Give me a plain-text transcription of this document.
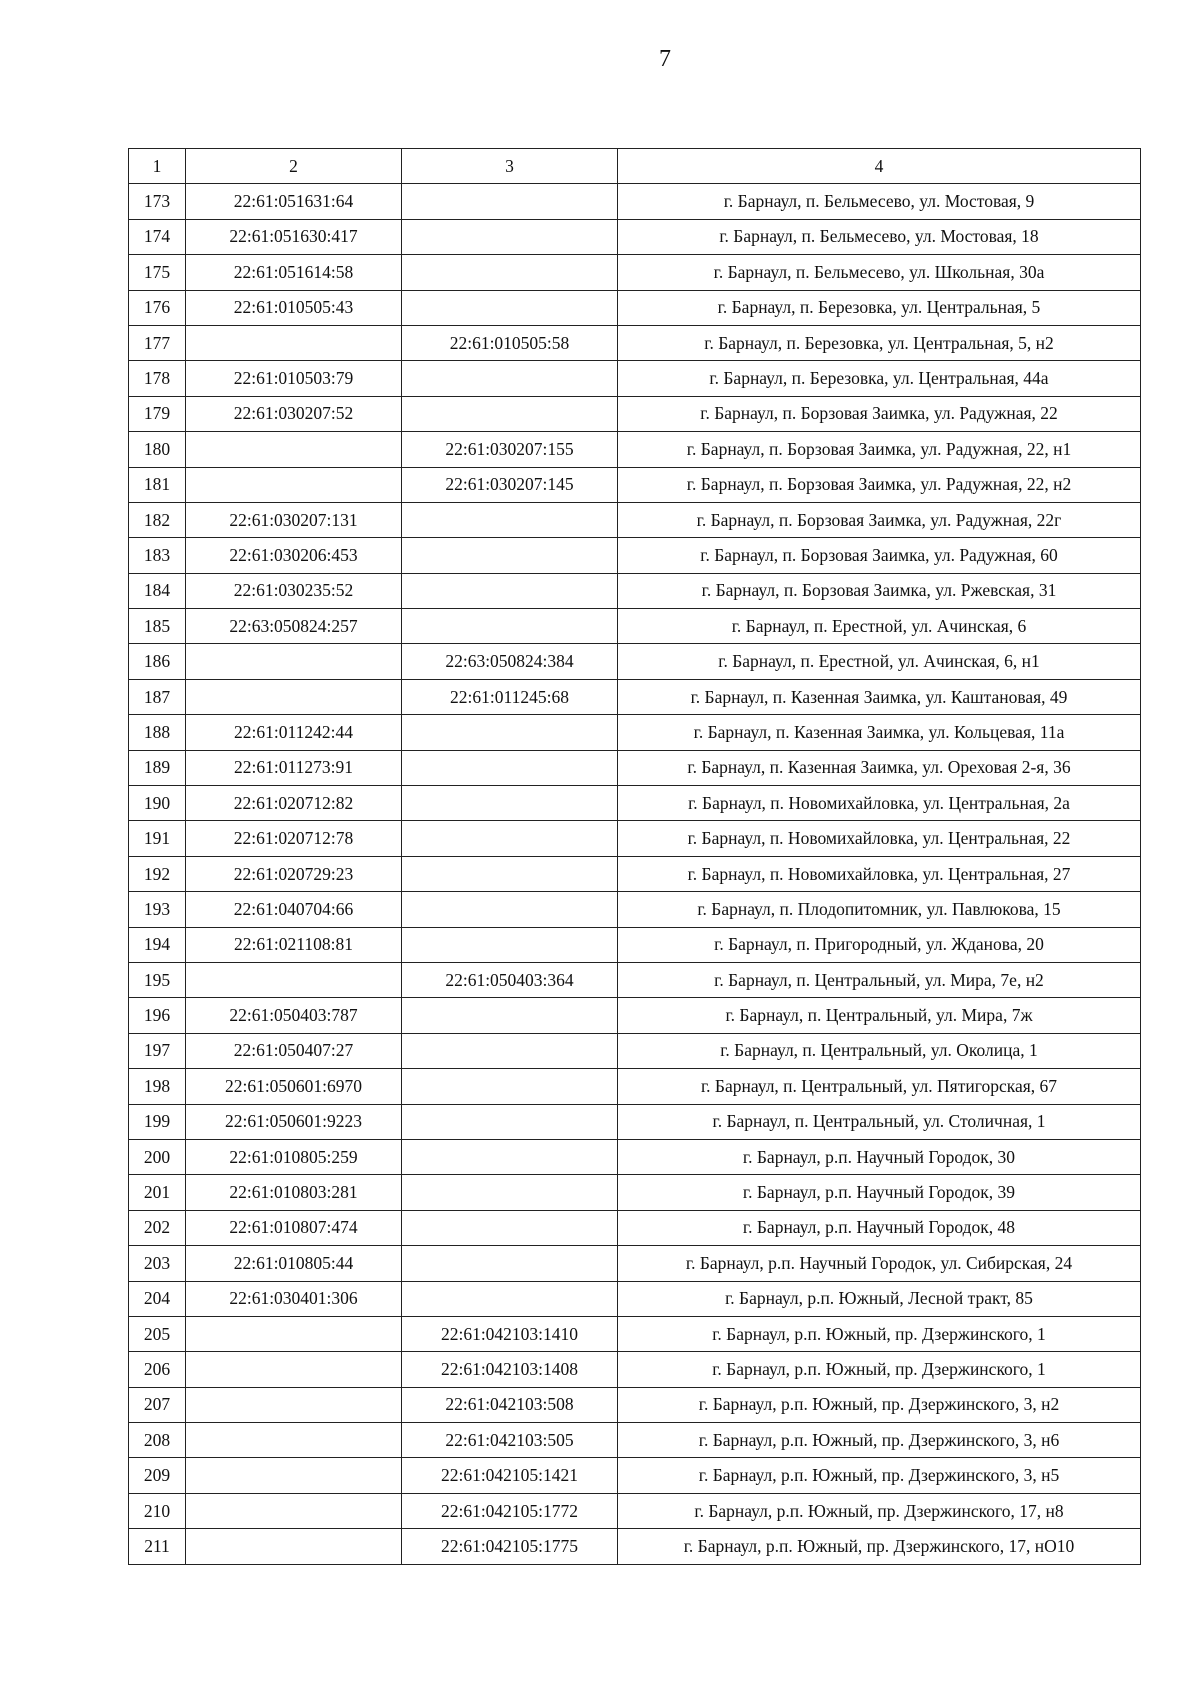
7
1	2	3	4
173	22:61:051631:64		г. Барнаул, п. Бельмесево, ул. Мостовая, 9
174	22:61:051630:417		г. Барнаул, п. Бельмесево, ул. Мостовая, 18
175	22:61:051614:58		г. Барнаул, п. Бельмесево, ул. Школьная, 30а
176	22:61:010505:43		г. Барнаул, п. Березовка, ул. Центральная, 5
177		22:61:010505:58	г. Барнаул, п. Березовка, ул. Центральная, 5, н2
178	22:61:010503:79		г. Барнаул, п. Березовка, ул. Центральная, 44а
179	22:61:030207:52		г. Барнаул, п. Борзовая Заимка, ул. Радужная, 22
180		22:61:030207:155	г. Барнаул, п. Борзовая Заимка, ул. Радужная, 22, н1
181		22:61:030207:145	г. Барнаул, п. Борзовая Заимка, ул. Радужная, 22, н2
182	22:61:030207:131		г. Барнаул, п. Борзовая Заимка, ул. Радужная, 22г
183	22:61:030206:453		г. Барнаул, п. Борзовая Заимка, ул. Радужная, 60
184	22:61:030235:52		г. Барнаул, п. Борзовая Заимка, ул. Ржевская, 31
185	22:63:050824:257		г. Барнаул, п. Ерестной, ул. Ачинская, 6
186		22:63:050824:384	г. Барнаул, п. Ерестной, ул. Ачинская, 6, н1
187		22:61:011245:68	г. Барнаул, п. Казенная Заимка, ул. Каштановая, 49
188	22:61:011242:44		г. Барнаул, п. Казенная Заимка, ул. Кольцевая, 11а
189	22:61:011273:91		г. Барнаул, п. Казенная Заимка, ул. Ореховая 2-я, 36
190	22:61:020712:82		г. Барнаул, п. Новомихайловка, ул. Центральная, 2а
191	22:61:020712:78		г. Барнаул, п. Новомихайловка, ул. Центральная, 22
192	22:61:020729:23		г. Барнаул, п. Новомихайловка, ул. Центральная, 27
193	22:61:040704:66		г. Барнаул, п. Плодопитомник, ул. Павлюкова, 15
194	22:61:021108:81		г. Барнаул, п. Пригородный, ул. Жданова, 20
195		22:61:050403:364	г. Барнаул, п. Центральный, ул. Мира, 7е, н2
196	22:61:050403:787		г. Барнаул, п. Центральный, ул. Мира, 7ж
197	22:61:050407:27		г. Барнаул, п. Центральный, ул. Околица, 1
198	22:61:050601:6970		г. Барнаул, п. Центральный, ул. Пятигорская, 67
199	22:61:050601:9223		г. Барнаул, п. Центральный, ул. Столичная, 1
200	22:61:010805:259		г. Барнаул, р.п. Научный Городок, 30
201	22:61:010803:281		г. Барнаул, р.п. Научный Городок, 39
202	22:61:010807:474		г. Барнаул, р.п. Научный Городок, 48
203	22:61:010805:44		г. Барнаул, р.п. Научный Городок, ул. Сибирская, 24
204	22:61:030401:306		г. Барнаул, р.п. Южный, Лесной тракт, 85
205		22:61:042103:1410	г. Барнаул, р.п. Южный, пр. Дзержинского, 1
206		22:61:042103:1408	г. Барнаул, р.п. Южный, пр. Дзержинского, 1
207		22:61:042103:508	г. Барнаул, р.п. Южный, пр. Дзержинского, 3, н2
208		22:61:042103:505	г. Барнаул, р.п. Южный, пр. Дзержинского, 3, н6
209		22:61:042105:1421	г. Барнаул, р.п. Южный, пр. Дзержинского, 3, н5
210		22:61:042105:1772	г. Барнаул, р.п. Южный, пр. Дзержинского, 17, н8
211		22:61:042105:1775	г. Барнаул, р.п. Южный, пр. Дзержинского, 17, нО10
